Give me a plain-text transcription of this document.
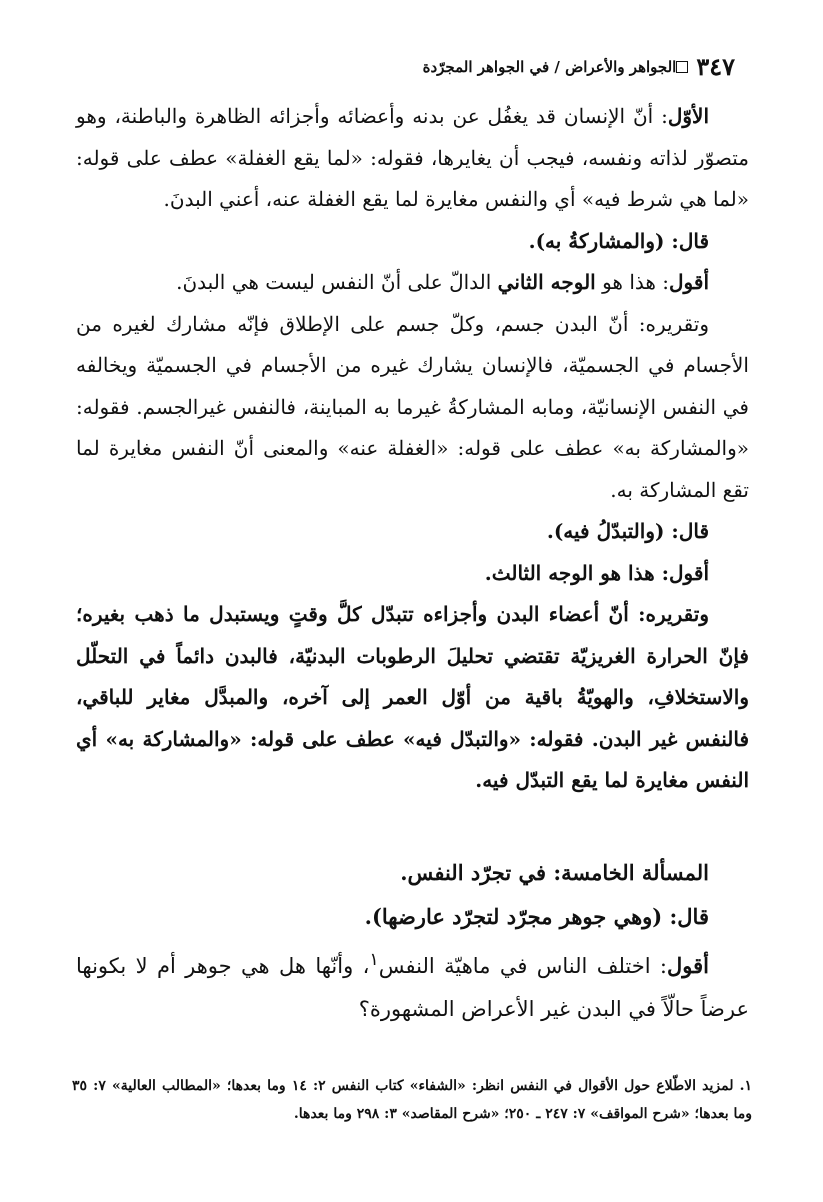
٣٤٧
الجواهر والأعراض / في الجواهر المجرّدة

الأوّل: أنّ الإنسان قد يغفُل عن بدنه وأعضائه وأجزائه الظاهرة والباطنة، وهو متصوّر لذاته ونفسه، فيجب أن يغايرها، فقوله: «لما يقع الغفلة» عطف على قوله: «لما هي شرط فيه» أي والنفس مغايرة لما يقع الغفلة عنه، أعني البدنَ.

قال: (والمشاركةُ به).

أقول: هذا هو الوجه الثاني الدالّ على أنّ النفس ليست هي البدنَ.

وتقريره: أنّ البدن جسم، وكلّ جسم على الإطلاق فإنّه مشارك لغيره من الأجسام في الجسميّة، فالإنسان يشارك غيره من الأجسام في الجسميّة ويخالفه في النفس الإنسانيّة، ومابه المشاركةُ غيرما به المباينة، فالنفس غيرالجسم. فقوله: «والمشاركة به» عطف على قوله: «الغفلة عنه» والمعنى أنّ النفس مغايرة لما تقع المشاركة به.

قال: (والتبدّلُ فيه).

أقول: هذا هو الوجه الثالث.

وتقريره: أنّ أعضاء البدن وأجزاءه تتبدّل كلَّ وقتٍ ويستبدل ما ذهب بغيره؛ فإنّ الحرارة الغريزيّة تقتضي تحليلَ الرطوبات البدنيّة، فالبدن دائماً في التحلّل والاستخلافِ، والهويّةُ باقية من أوّل العمر إلى آخره، والمبدَّل مغاير للباقي، فالنفس غير البدن. فقوله: «والتبدّل فيه» عطف على قوله: «والمشاركة به» أي النفس مغايرة لما يقع التبدّل فيه.

المسألة الخامسة: في تجرّد النفس.

قال: (وهي جوهر مجرّد لتجرّد عارضها).

أقول: اختلف الناس في ماهيّة النفس$^١$، وأنّها هل هي جوهر أم لا بكونها عرضاً حالّاً في البدن غير الأعراض المشهورة؟

١. لمزيد الاطّلاع حول الأقوال في النفس انظر: «الشفاء» كتاب النفس ٢: ١٤ وما بعدها؛ «المطالب العالية» ٧: ٣٥ وما بعدها؛ «شرح المواقف» ٧: ٢٤٧ ـ ٢٥٠؛ «شرح المقاصد» ٣: ٢٩٨ وما بعدها.
